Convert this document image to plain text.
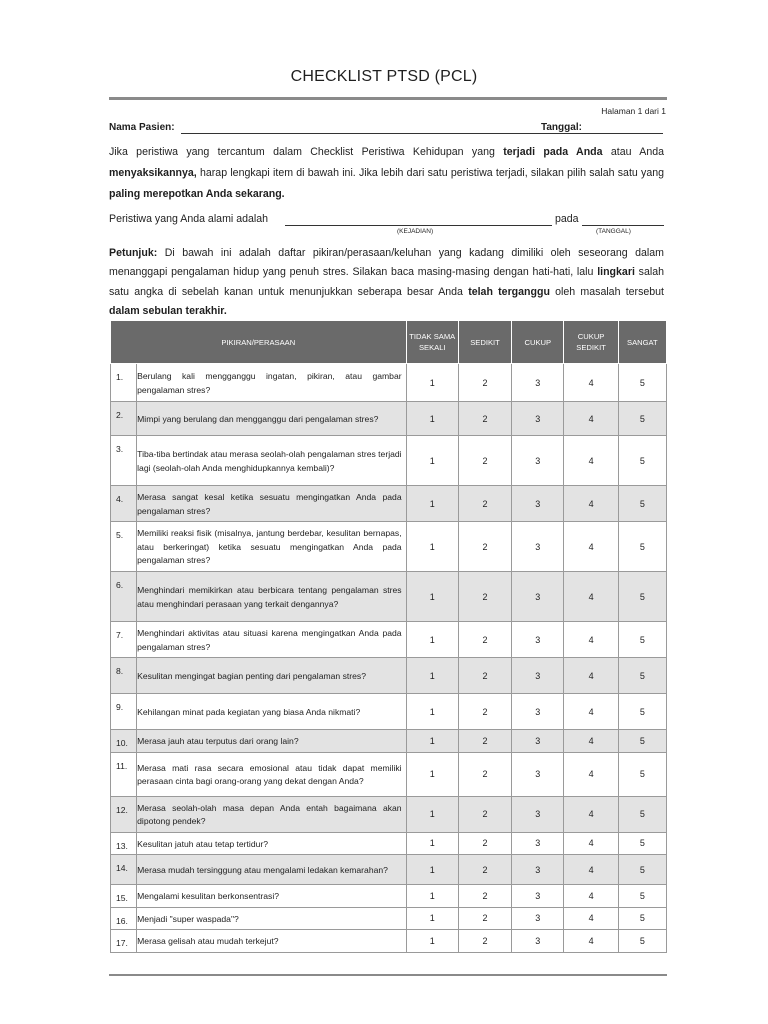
CHECKLIST PTSD (PCL)
Halaman 1 dari 1
Nama Pasien:	Tanggal:
Jika peristiwa yang tercantum dalam Checklist Peristiwa Kehidupan yang terjadi pada Anda atau Anda menyaksikannya, harap lengkapi item di bawah ini. Jika lebih dari satu peristiwa terjadi, silakan pilih salah satu yang paling merepotkan Anda sekarang.
Peristiwa yang Anda alami adalah
(KEJADIAN)
pada
(TANGGAL)
Petunjuk: Di bawah ini adalah daftar pikiran/perasaan/keluhan yang kadang dimiliki oleh seseorang dalam menanggapi pengalaman hidup yang penuh stres. Silakan baca masing-masing dengan hati-hati, lalu lingkari salah satu angka di sebelah kanan untuk menunjukkan seberapa besar Anda telah terganggu oleh masalah tersebut dalam sebulan terakhir.
PIKIRAN/PERASAAN		TIDAK SAMA SEKALI	SEDIKIT	CUKUP	CUKUP SEDIKIT	SANGAT
1.	Berulang kali mengganggu ingatan, pikiran, atau gambar pengalaman stres?	1	2	3	4	5
2.	Mimpi yang berulang dan mengganggu dari pengalaman stres?	1	2	3	4	5
3.	Tiba-tiba bertindak atau merasa seolah-olah pengalaman stres terjadi lagi (seolah-olah Anda menghidupkannya kembali)?	1	2	3	4	5
4.	Merasa sangat kesal ketika sesuatu mengingatkan Anda pada pengalaman stres?	1	2	3	4	5
5.	Memiliki reaksi fisik (misalnya, jantung berdebar, kesulitan bernapas, atau berkeringat) ketika sesuatu mengingatkan Anda pada pengalaman stres?	1	2	3	4	5
6.	Menghindari memikirkan atau berbicara tentang pengalaman stres atau menghindari perasaan yang terkait dengannya?	1	2	3	4	5
7.	Menghindari aktivitas atau situasi karena mengingatkan Anda pada pengalaman stres?	1	2	3	4	5
8.	Kesulitan mengingat bagian penting dari pengalaman stres?	1	2	3	4	5
9.	Kehilangan minat pada kegiatan yang biasa Anda nikmati?	1	2	3	4	5
10.	Merasa jauh atau terputus dari orang lain?	1	2	3	4	5
11.	Merasa mati rasa secara emosional atau tidak dapat memiliki perasaan cinta bagi orang-orang yang dekat dengan Anda?	1	2	3	4	5
12.	Merasa seolah-olah masa depan Anda entah bagaimana akan dipotong pendek?	1	2	3	4	5
13.	Kesulitan jatuh atau tetap tertidur?	1	2	3	4	5
14.	Merasa mudah tersinggung atau mengalami ledakan kemarahan?	1	2	3	4	5
15.	Mengalami kesulitan berkonsentrasi?	1	2	3	4	5
16.	Menjadi "super waspada"?	1	2	3	4	5
17.	Merasa gelisah atau mudah terkejut?	1	2	3	4	5
